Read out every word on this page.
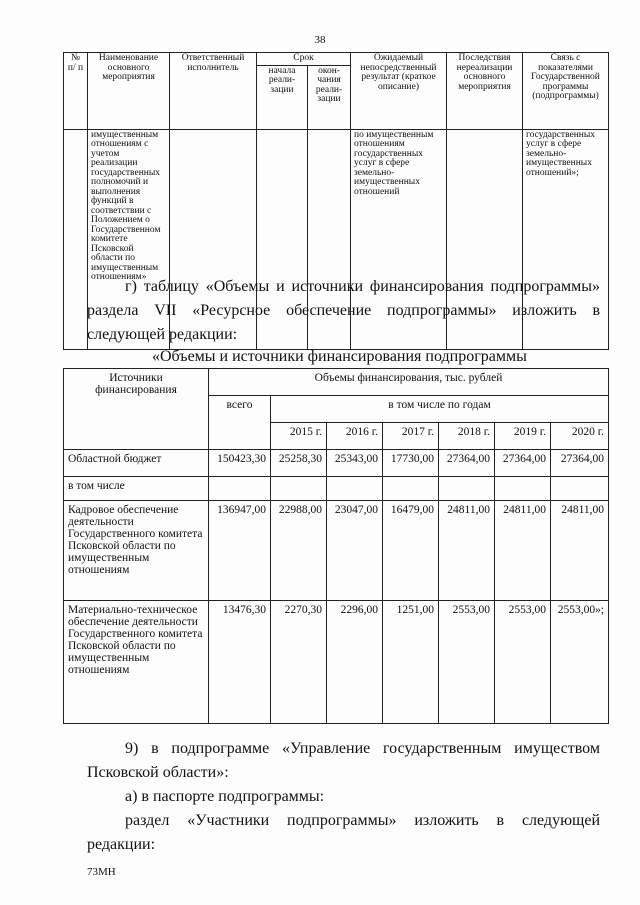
38
№ п/ п	Наименование основного мероприятия	Ответственный исполнитель	Срок		Ожидаемый непосредственный результат (краткое описание)	Последствия нереализации основного мероприятия	Связь с показателями Государственной программы (подпрограммы)
			начала реали-зации	окон-чания реали-зации			
	имущественным отношениям с учетом реализации государственных полномочий и выполнения функций в соответствии с Положением о Государственном комитете Псковской области по имущественным отношениям»				по имущественным отношениям государственных услуг в сфере земельно-имущественных отношений		государственных услуг в сфере земельно-имущественных отношений»;
г) таблицу «Объемы и источники финансирования подпрограммы»
раздела VII «Ресурсное обеспечение подпрограммы» изложить в
следующей редакции:
«Объемы и источники финансирования подпрограммы
Источники финансирования	Объемы финансирования, тыс. рублей						
	всего	в том числе по годам					
		2015 г.	2016 г.	2017 г.	2018 г.	2019 г.	2020 г.
Областной бюджет	150423,30	25258,30	25343,00	17730,00	27364,00	27364,00	27364,00
в том числе							
Кадровое обеспечение деятельности Государственного комитета Псковской области по имущественным отношениям	136947,00	22988,00	23047,00	16479,00	24811,00	24811,00	24811,00
Материально-техническое обеспечение деятельности Государственного комитета Псковской области по имущественным отношениям	13476,30	2270,30	2296,00	1251,00	2553,00	2553,00	2553,00»;
9) в подпрограмме «Управление государственным имуществом
Псковской области»:
а) в паспорте подпрограммы:
раздел «Участники подпрограммы» изложить в следующей
редакции:
73МН
